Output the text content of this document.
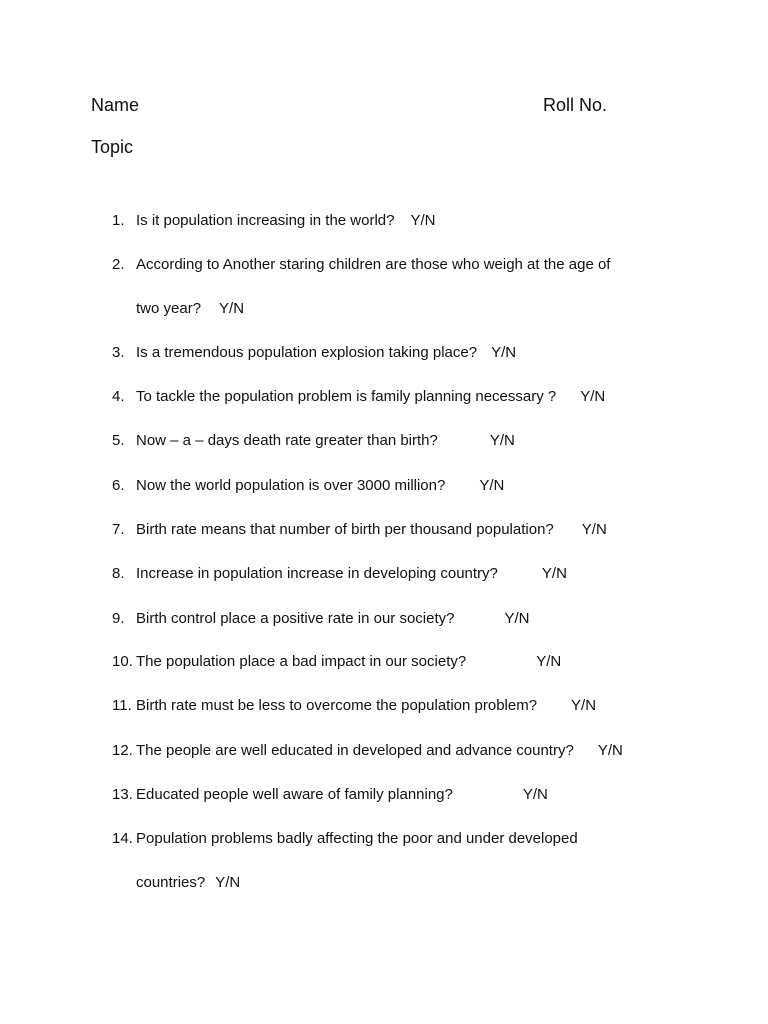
Name	Roll No.
Topic
1. Is it population increasing in the world? Y/N
2. According to Another staring children are those who weigh at the age of
two year? Y/N
3. Is a tremendous population explosion taking place? Y/N
4. To tackle the population problem is family planning necessary ? Y/N
5. Now – a – days death rate greater than birth?	Y/N
6. Now the world population is over 3000 million? Y/N
7. Birth rate means that number of birth per thousand population? Y/N
8. Increase in population increase in developing country?	Y/N
9. Birth control place a positive rate in our society?	Y/N
10. The population place a bad impact in our society?	Y/N
11. Birth rate must be less to overcome the population problem? Y/N
12. The people are well educated in developed and advance country? Y/N
13. Educated people well aware of family planning?	Y/N
14. Population problems badly affecting the poor and under developed
countries? Y/N
